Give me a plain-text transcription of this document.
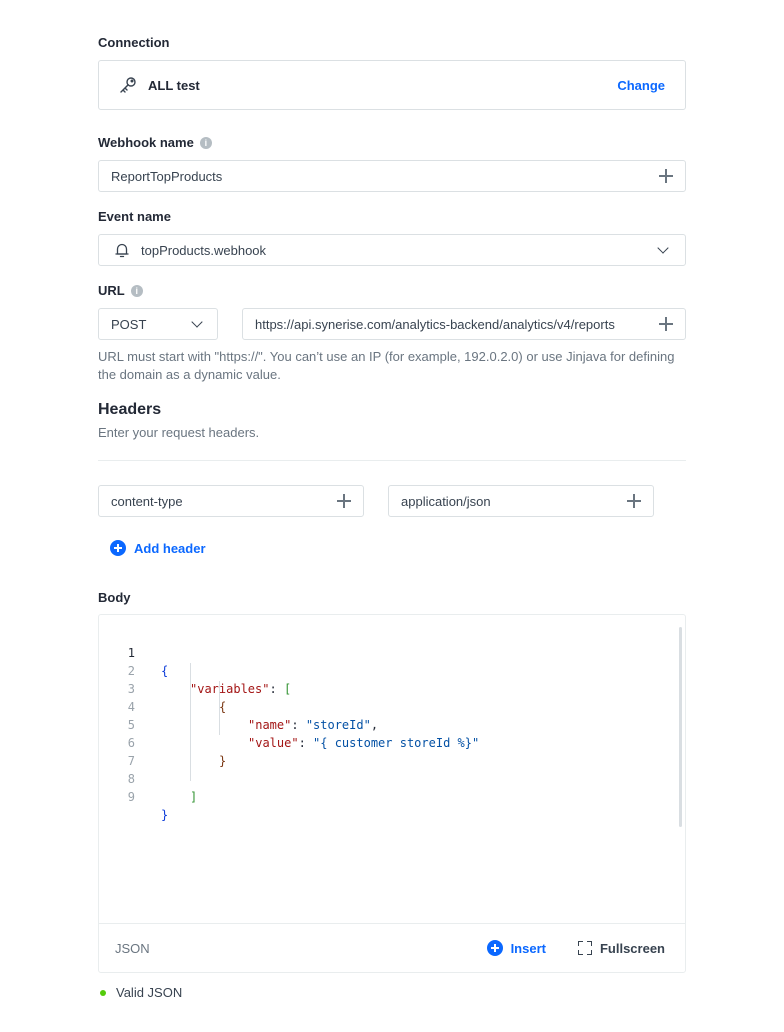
Connection
ALL test	Change
Webhook name	i
ReportTopProducts
Event name
topProducts.webhook
URL	i
POST	https://api.synerise.com/analytics-backend/analytics/v4/reports
URL must start with "https://". You can’t use an IP (for example, 192.0.2.0) or use Jinjava for defining the domain as a dynamic value.
Headers
Enter your request headers.
content-type	application/json
Add header
Body

1

{

2

"variables": [

3

{

4

"name": "storeId",

5

"value": "{ customer storeId %}"

6

}

7

8

]

9

}

JSON	Insert	Fullscreen
Valid JSON
